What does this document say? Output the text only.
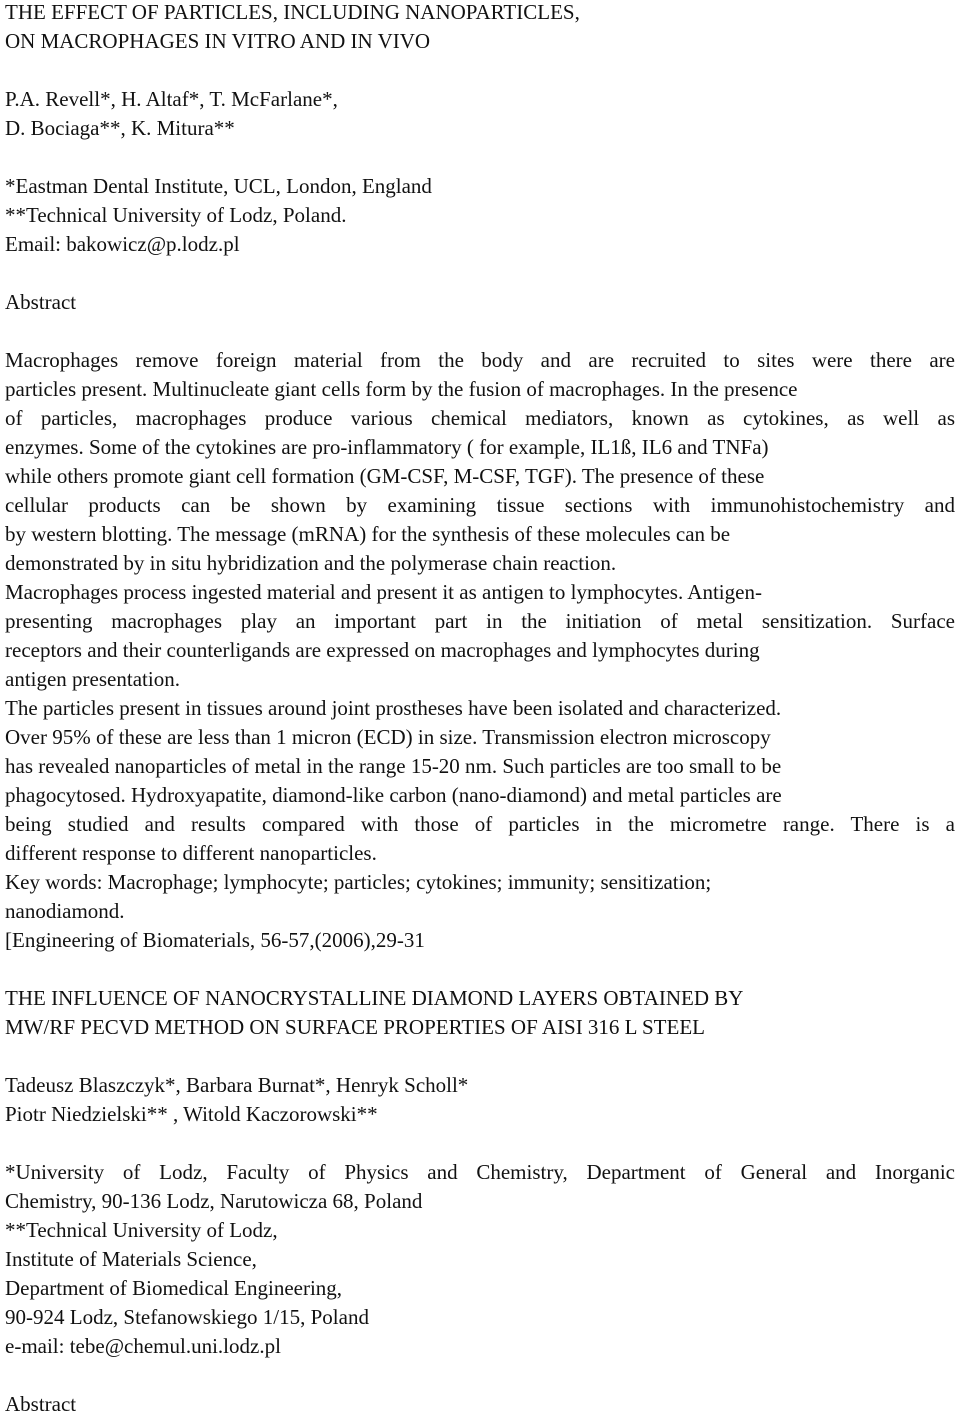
THE EFFECT OF PARTICLES, INCLUDING NANOPARTICLES,
ON MACROPHAGES IN VITRO AND IN VIVO
P.A. Revell*, H. Altaf*, T. McFarlane*,
D. Bociaga**, K. Mitura**
*Eastman Dental Institute, UCL, London, England
**Technical University of Lodz, Poland.
Email: bakowicz@p.lodz.pl
Abstract
Macrophages remove foreign material from the body and are recruited to sites were there are
particles present. Multinucleate giant cells form by the fusion of macrophages. In the presence
of particles, macrophages produce various chemical mediators, known as cytokines, as well as
enzymes. Some of the cytokines are pro-inflammatory ( for example, IL1ß, IL6 and TNFa)
while others promote giant cell formation (GM-CSF, M-CSF, TGF). The presence of these
cellular products can be shown by examining tissue sections with immunohistochemistry and
by western blotting. The message (mRNA) for the synthesis of these molecules can be
demonstrated by in situ hybridization and the polymerase chain reaction.
Macrophages process ingested material and present it as antigen to lymphocytes. Antigen-
presenting macrophages play an important part in the initiation of metal sensitization. Surface
receptors and their counterligands are expressed on macrophages and lymphocytes during
antigen presentation.
The particles present in tissues around joint prostheses have been isolated and characterized.
Over 95% of these are less than 1 micron (ECD) in size. Transmission electron microscopy
has revealed nanoparticles of metal in the range 15-20 nm. Such particles are too small to be
phagocytosed. Hydroxyapatite, diamond-like carbon (nano-diamond) and metal particles are
being studied and results compared with those of particles in the micrometre range. There is a
different response to different nanoparticles.
Key words: Macrophage; lymphocyte; particles; cytokines; immunity; sensitization;
nanodiamond.
[Engineering of Biomaterials, 56-57,(2006),29-31
THE INFLUENCE OF NANOCRYSTALLINE DIAMOND LAYERS OBTAINED BY
MW/RF PECVD METHOD ON SURFACE PROPERTIES OF AISI 316 L STEEL
Tadeusz Blaszczyk*, Barbara Burnat*, Henryk Scholl*
Piotr Niedzielski** , Witold Kaczorowski**
*University of Lodz, Faculty of Physics and Chemistry, Department of General and Inorganic
Chemistry, 90-136 Lodz, Narutowicza 68, Poland
**Technical University of Lodz,
Institute of Materials Science,
Department of Biomedical Engineering,
90-924 Lodz, Stefanowskiego 1/15, Poland
e-mail: tebe@chemul.uni.lodz.pl
Abstract
